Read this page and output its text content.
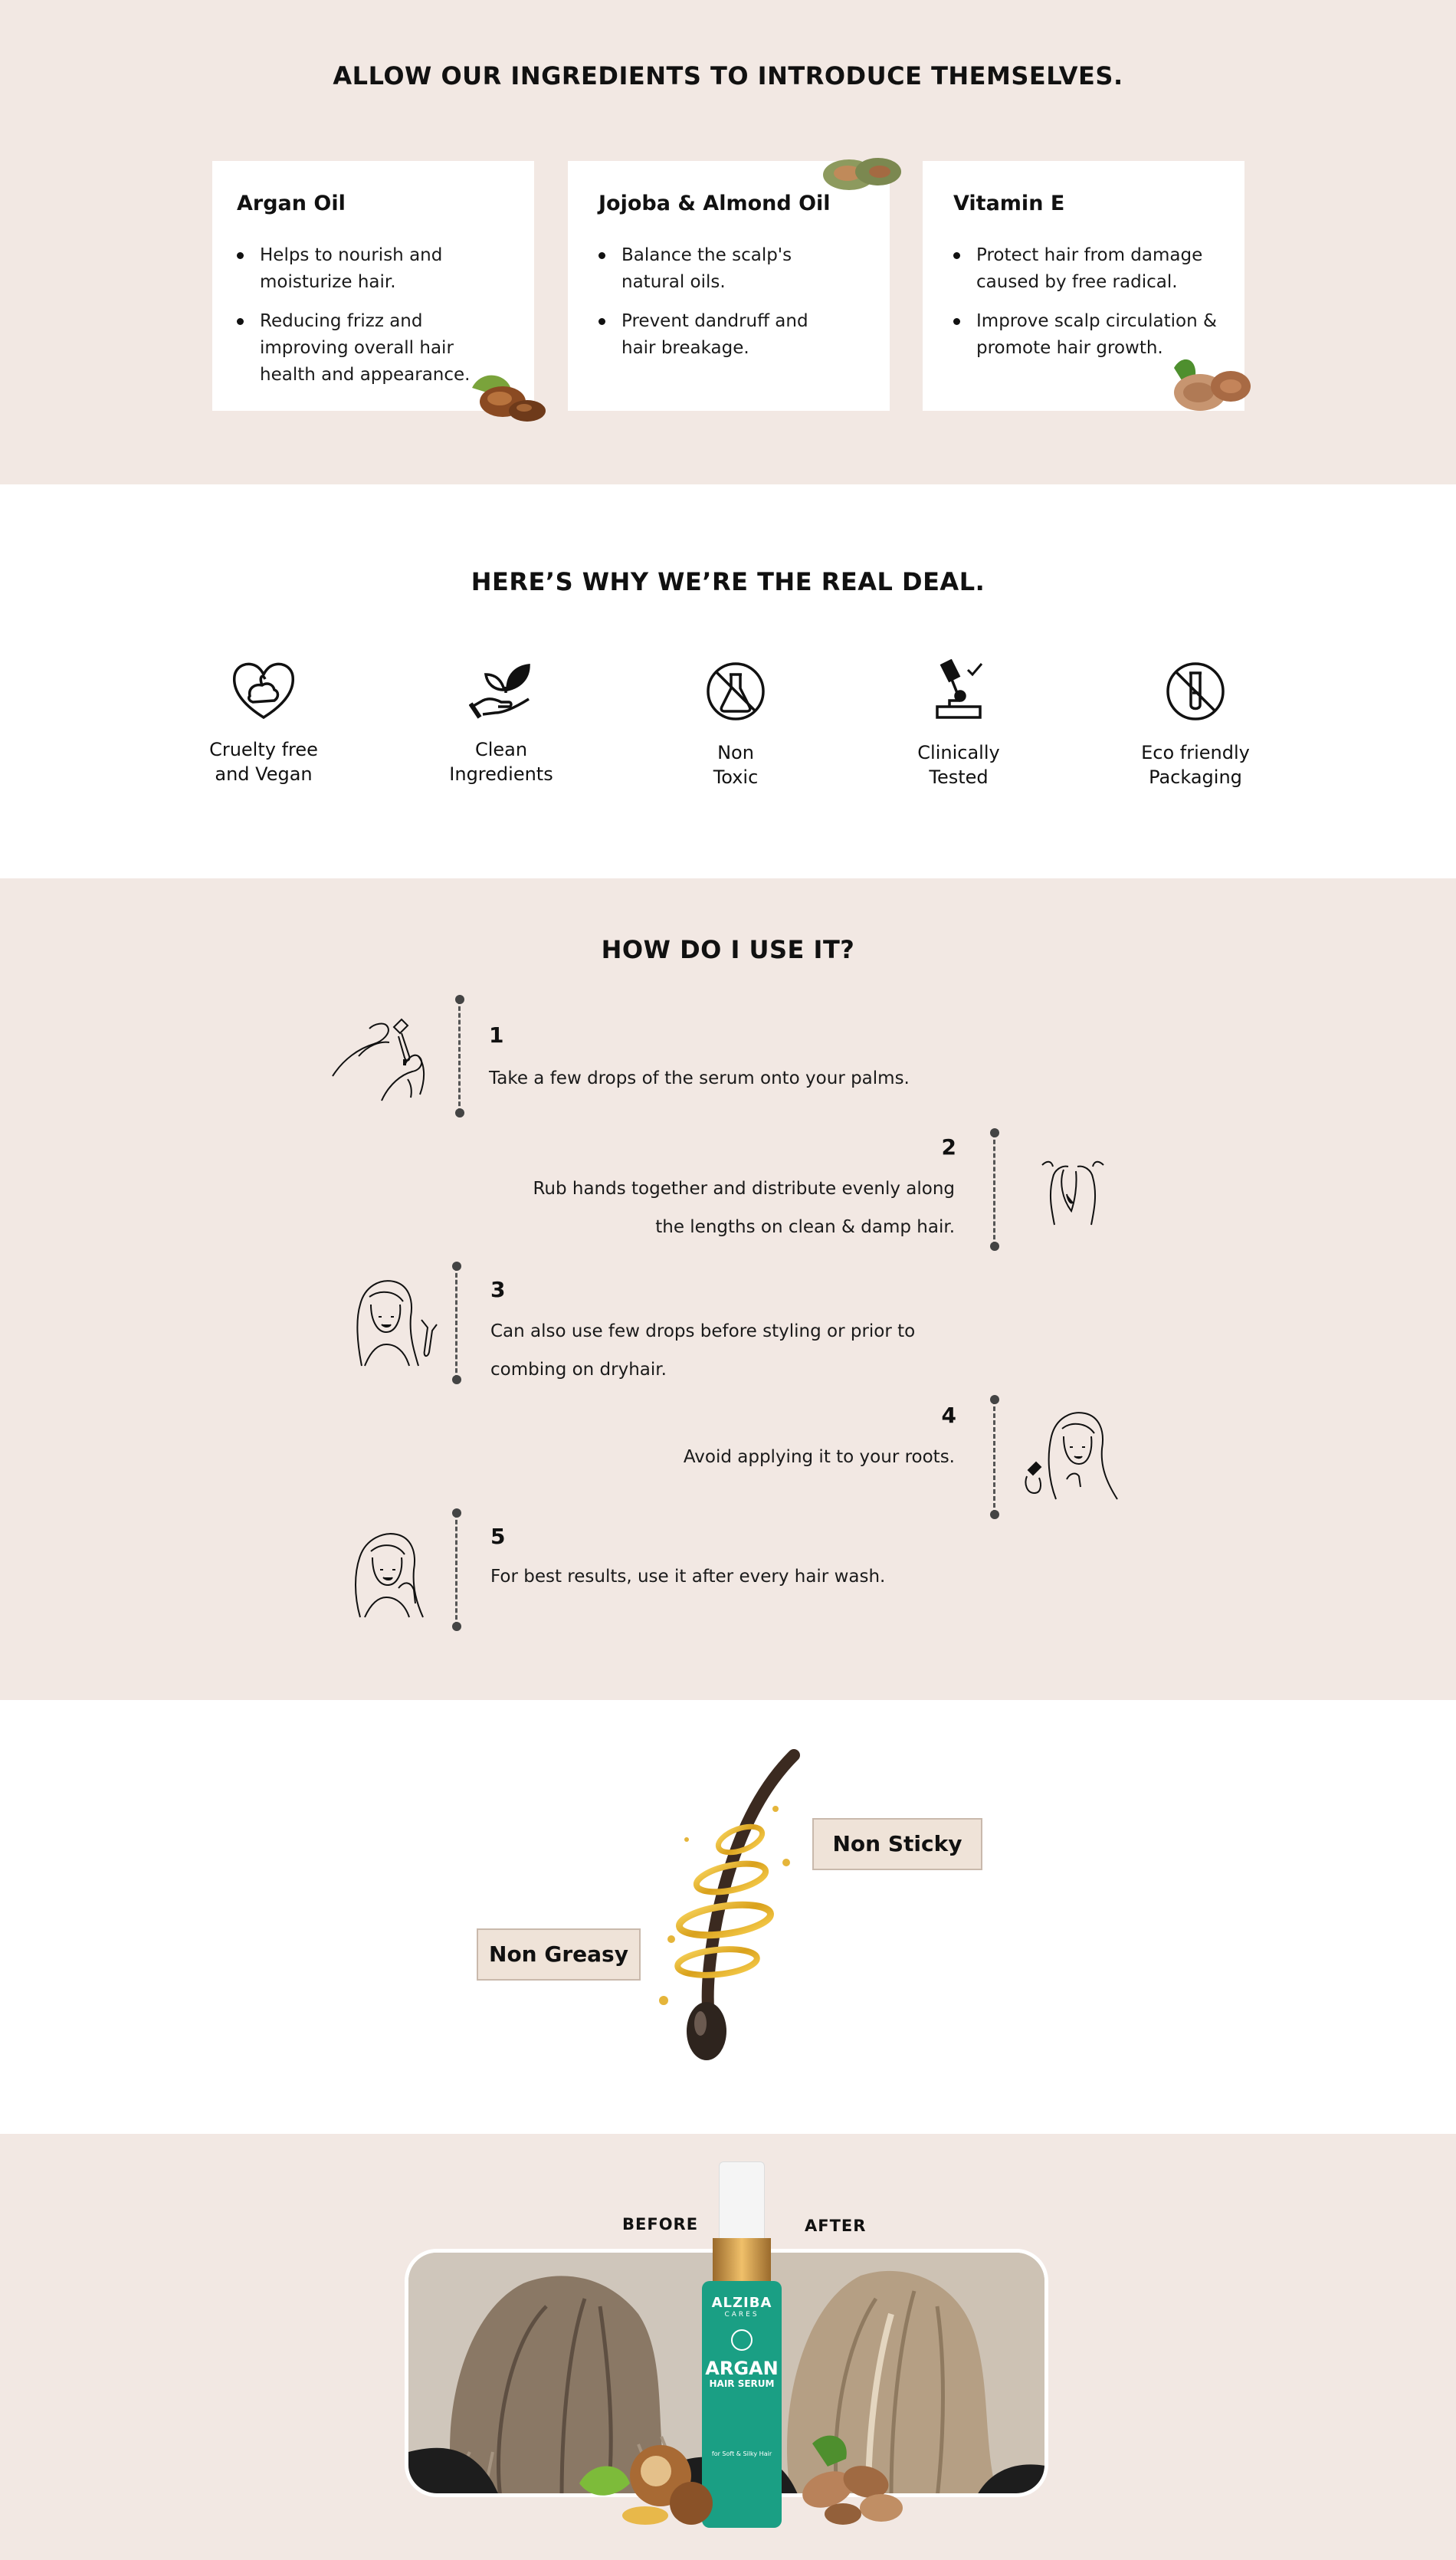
ALLOW OUR INGREDIENTS TO INTRODUCE THEMSELVES.
Argan Oil
Helps to nourish and moisturize hair.
Reducing frizz and improving overall hair health and appearance.
Jojoba & Almond Oil
Balance the scalp's natural oils.
Prevent dandruff and hair breakage.
Vitamin E
Protect hair from damage caused by free radical.
Improve scalp circulation & promote hair growth.
HERE’S WHY WE’RE THE REAL DEAL.
Cruelty free
and Vegan
Clean
Ingredients
Non
Toxic
Clinically
Tested
Eco friendly
Packaging
HOW DO I USE IT?
1
Take a few drops of the serum onto your palms.
2
Rub hands together and distribute evenly along
the lengths on clean & damp hair.
3
Can also use few drops before styling or prior to
combing on dryhair.
4
Avoid applying it to your roots.
5
For best results, use it after every hair wash.
Non Sticky
Non Greasy
BEFORE	AFTER
ALZIBA
CARES
ARGAN
HAIR SERUM
for Soft & Silky Hair
